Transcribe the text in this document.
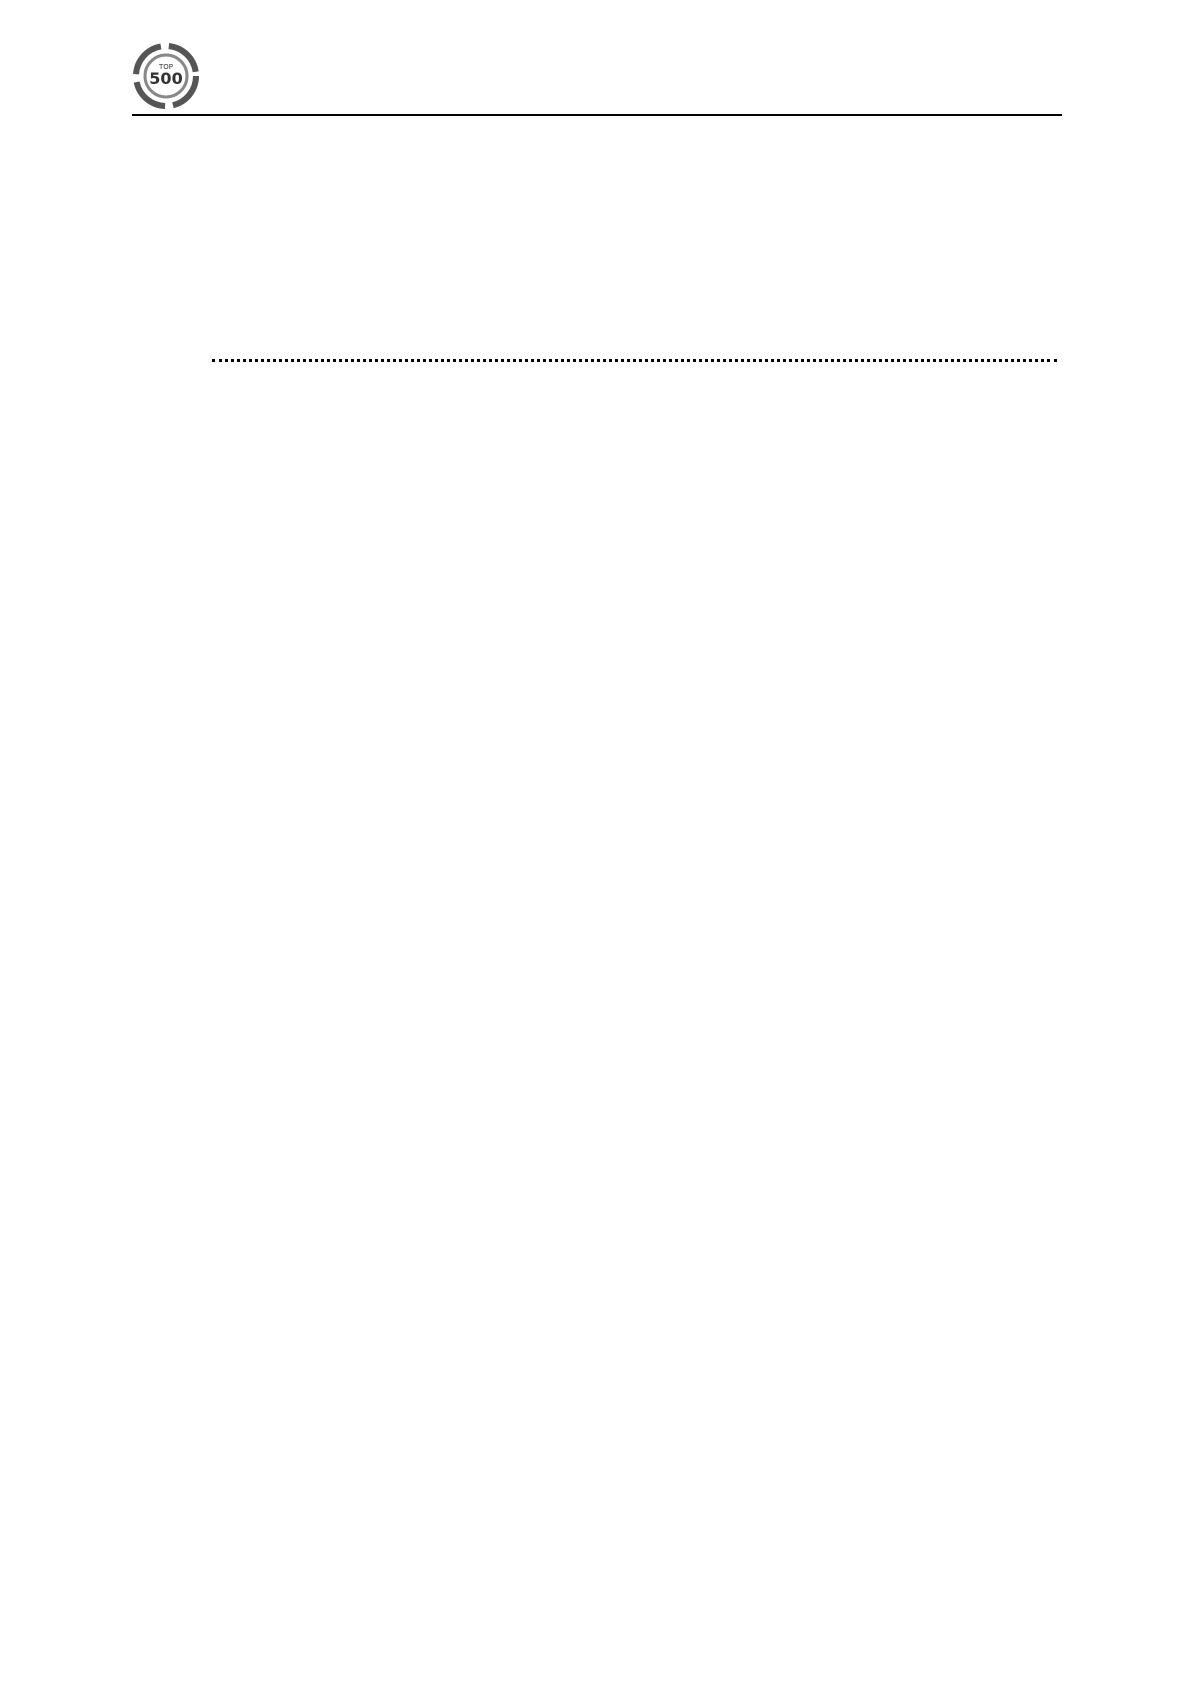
TOP
500
